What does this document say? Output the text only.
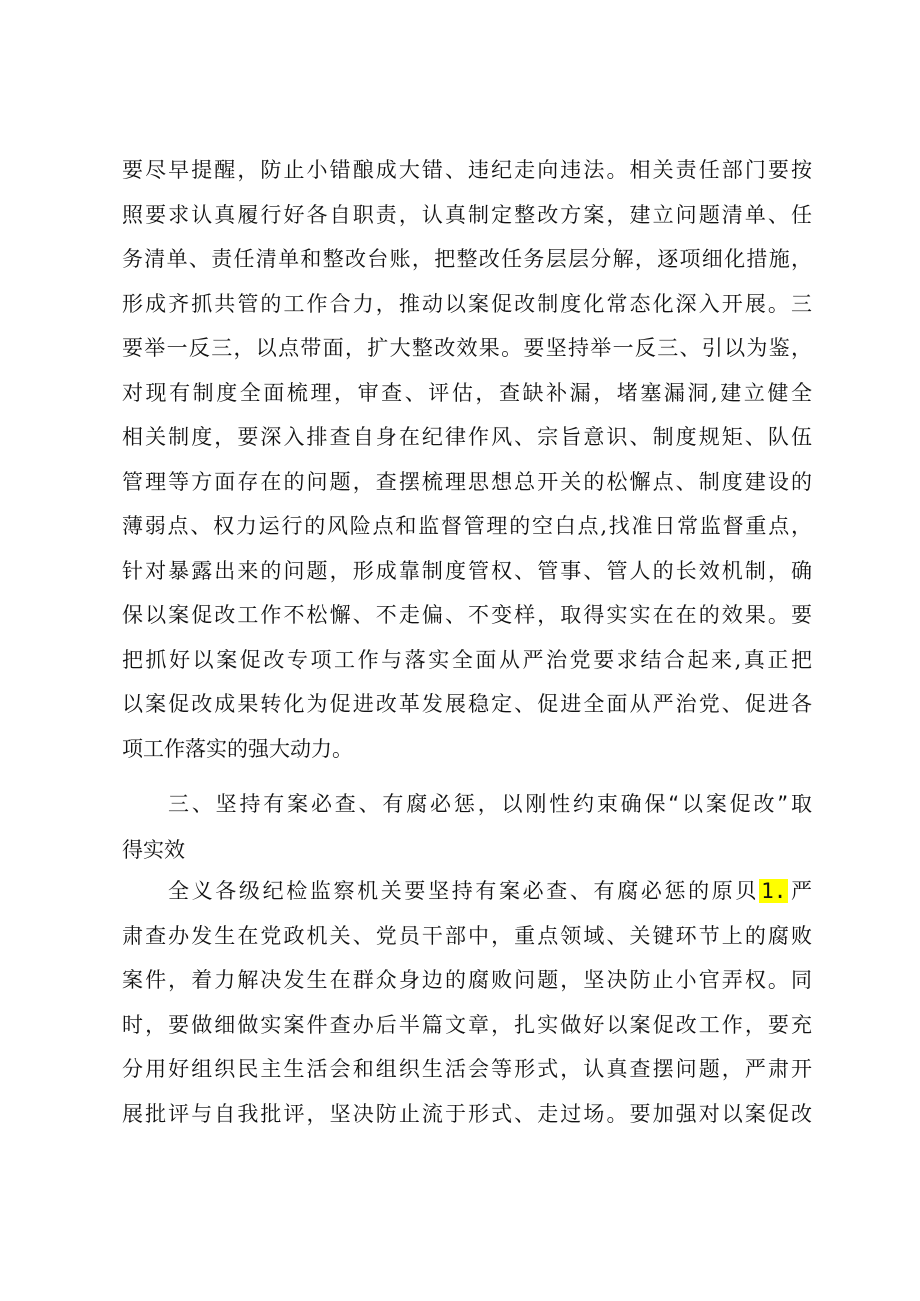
要尽早提醒，防止小错酿成大错、违纪走向违法。相关责任部门要按
照要求认真履行好各自职责，认真制定整改方案，建立问题清单、任
务清单、责任清单和整改台账，把整改任务层层分解，逐项细化措施，
形成齐抓共管的工作合力，推动以案促改制度化常态化深入开展。三
要举一反三，以点带面，扩大整改效果。要坚持举一反三、引以为鉴，
对现有制度全面梳理，审查、评估，查缺补漏，堵塞漏洞,建立健全
相关制度，要深入排查自身在纪律作风、宗旨意识、制度规矩、队伍
管理等方面存在的问题，查摆梳理思想总开关的松懈点、制度建设的
薄弱点、权力运行的风险点和监督管理的空白点,找准日常监督重点，
针对暴露出来的问题，形成靠制度管权、管事、管人的长效机制，确
保以案促改工作不松懈、不走偏、不变样，取得实实在在的效果。要
把抓好以案促改专项工作与落实全面从严治党要求结合起来,真正把
以案促改成果转化为促进改革发展稳定、促进全面从严治党、促进各
项工作落实的强大动力。
三、坚持有案必查、有腐必惩，以刚性约束确保“以案促改”取
得实效
全义各级纪检监察机关要坚持有案必查、有腐必惩的原贝1.严
肃查办发生在党政机关、党员干部中，重点领域、关键环节上的腐败
案件，着力解决发生在群众身边的腐败问题，坚决防止小官弄权。同
时，要做细做实案件查办后半篇文章，扎实做好以案促改工作，要充
分用好组织民主生活会和组织生活会等形式，认真查摆问题，严肃开
展批评与自我批评，坚决防止流于形式、走过场。要加强对以案促改
